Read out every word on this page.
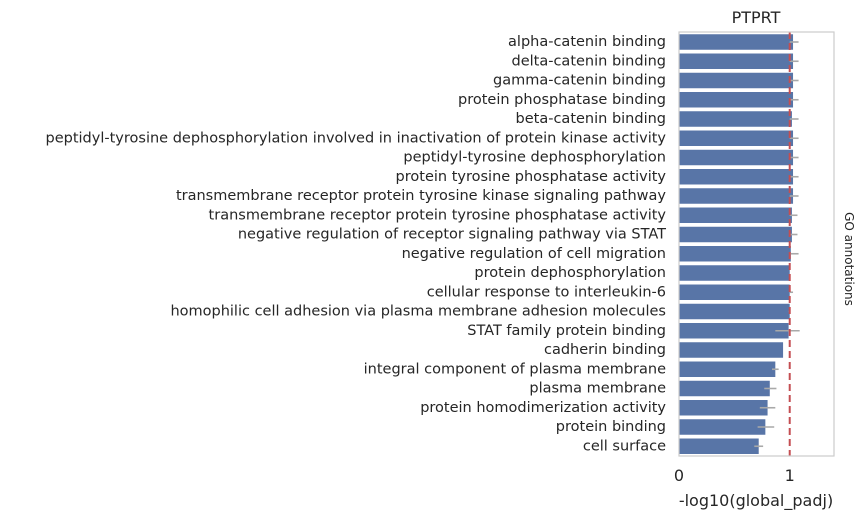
alpha-catenin binding
delta-catenin binding
gamma-catenin binding
protein phosphatase binding
beta-catenin binding
peptidyl-tyrosine dephosphorylation involved in inactivation of protein kinase activity
peptidyl-tyrosine dephosphorylation
protein tyrosine phosphatase activity
transmembrane receptor protein tyrosine kinase signaling pathway
transmembrane receptor protein tyrosine phosphatase activity
negative regulation of receptor signaling pathway via STAT
negative regulation of cell migration
protein dephosphorylation
cellular response to interleukin-6
homophilic cell adhesion via plasma membrane adhesion molecules
STAT family protein binding
cadherin binding
integral component of plasma membrane
plasma membrane
protein homodimerization activity
protein binding
cell surface
0	1
PTPRT
-log10(global_padj)
GO annotations
